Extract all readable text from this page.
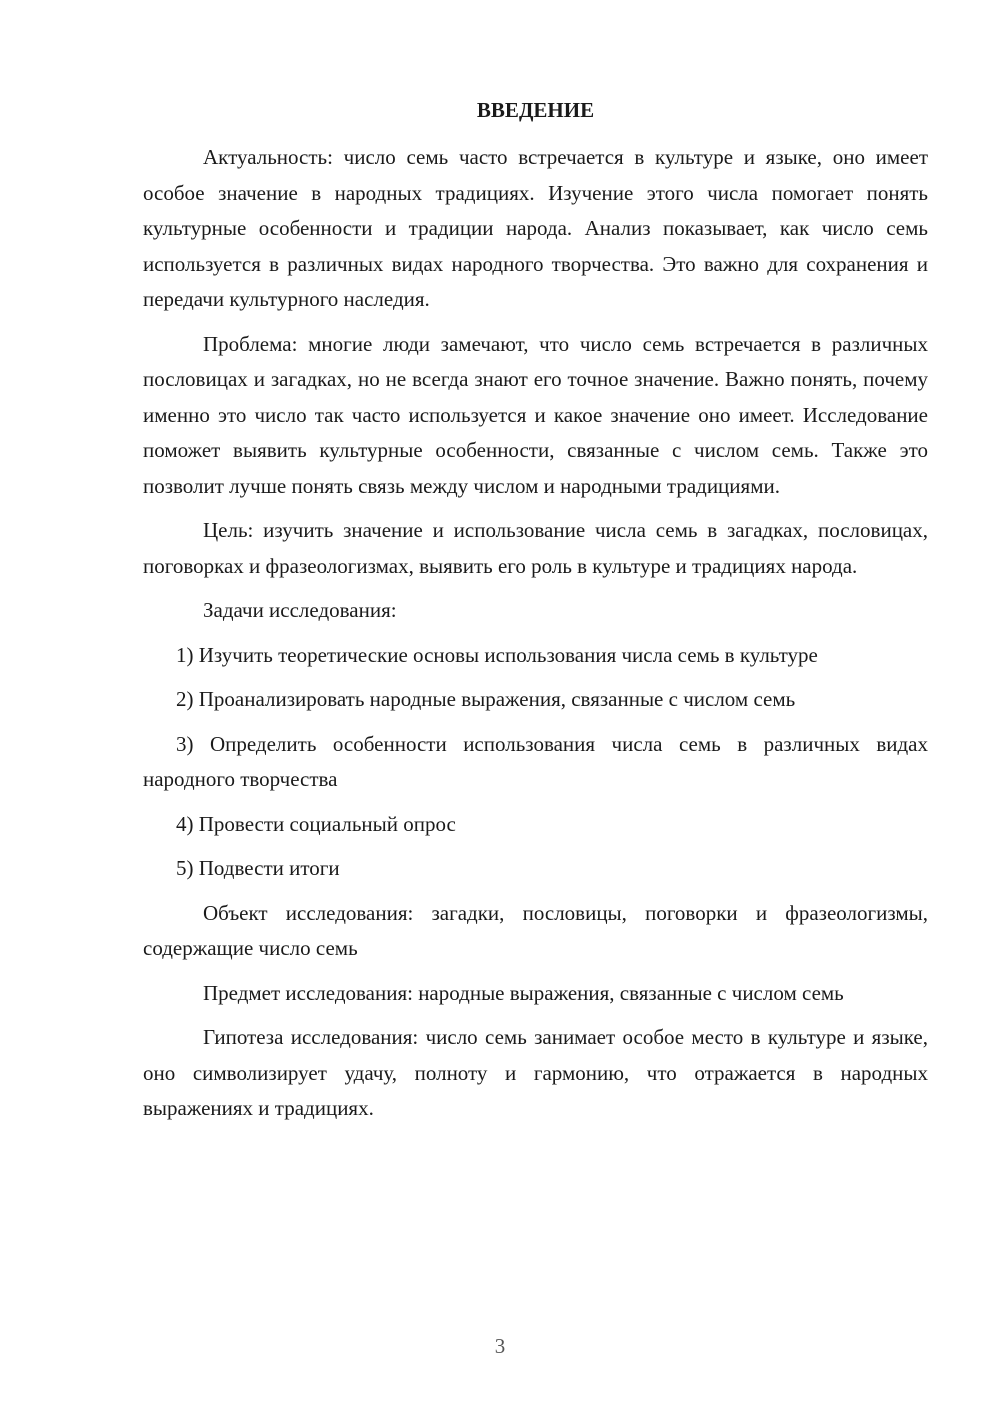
ВВЕДЕНИЕ

Актуальность: число семь часто встречается в культуре и языке, оно имеет особое значение в народных традициях. Изучение этого числа помогает понять культурные особенности и традиции народа. Анализ показывает, как число семь используется в различных видах народного творчества. Это важно для сохранения и передачи культурного наследия.

Проблема: многие люди замечают, что число семь встречается в различных пословицах и загадках, но не всегда знают его точное значение. Важно понять, почему именно это число так часто используется и какое значение оно имеет. Исследование поможет выявить культурные особенности, связанные с числом семь. Также это позволит лучше понять связь между числом и народными традициями.

Цель: изучить значение и использование числа семь в загадках, пословицах, поговорках и фразеологизмах, выявить его роль в культуре и традициях народа.

Задачи исследования:

1) Изучить теоретические основы использования числа семь в культуре

2) Проанализировать народные выражения, связанные с числом семь

3) Определить особенности использования числа семь в различных видах народного творчества

4) Провести социальный опрос

5) Подвести итоги

Объект исследования: загадки, пословицы, поговорки и фразеологизмы, содержащие число семь

Предмет исследования: народные выражения, связанные с числом семь

Гипотеза исследования: число семь занимает особое место в культуре и языке, оно символизирует удачу, полноту и гармонию, что отражается в народных выражениях и традициях.

3
